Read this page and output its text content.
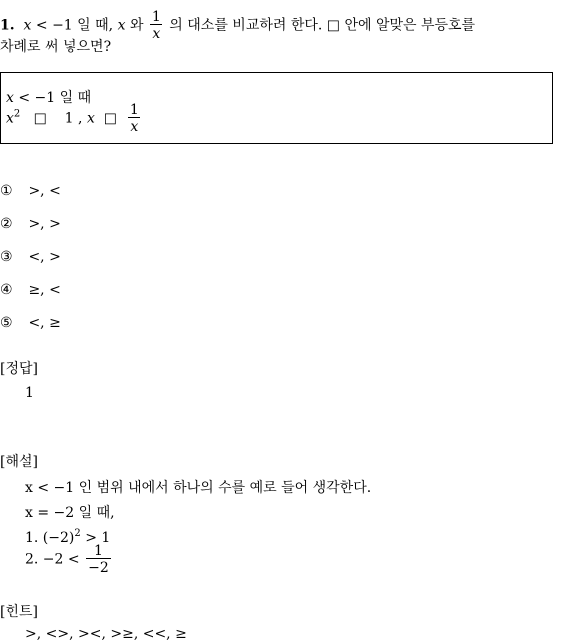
1. x < −1 일 때, x 와 $\frac{1}{x}$ 의 대소를 비교하려 한다. □ 안에 알맞은 부등호를
차례로 써 넣으면?
x < −1 일 때
$x^2$   □    1 , x  □ $\frac{1}{x}$
① >, <
② >, >
③ <, >
④ ≥, <
⑤ <, ≥
[정답]
1
[해설]
x < −1 인 범위 내에서 하나의 수를 예로 들어 생각한다.
x = −2 일 때,
1. $(-2)^2 > 1$
2. $-2 < \frac{1}{-2}$
[힌트]
>, <>, ><, >≥, <<, ≥
